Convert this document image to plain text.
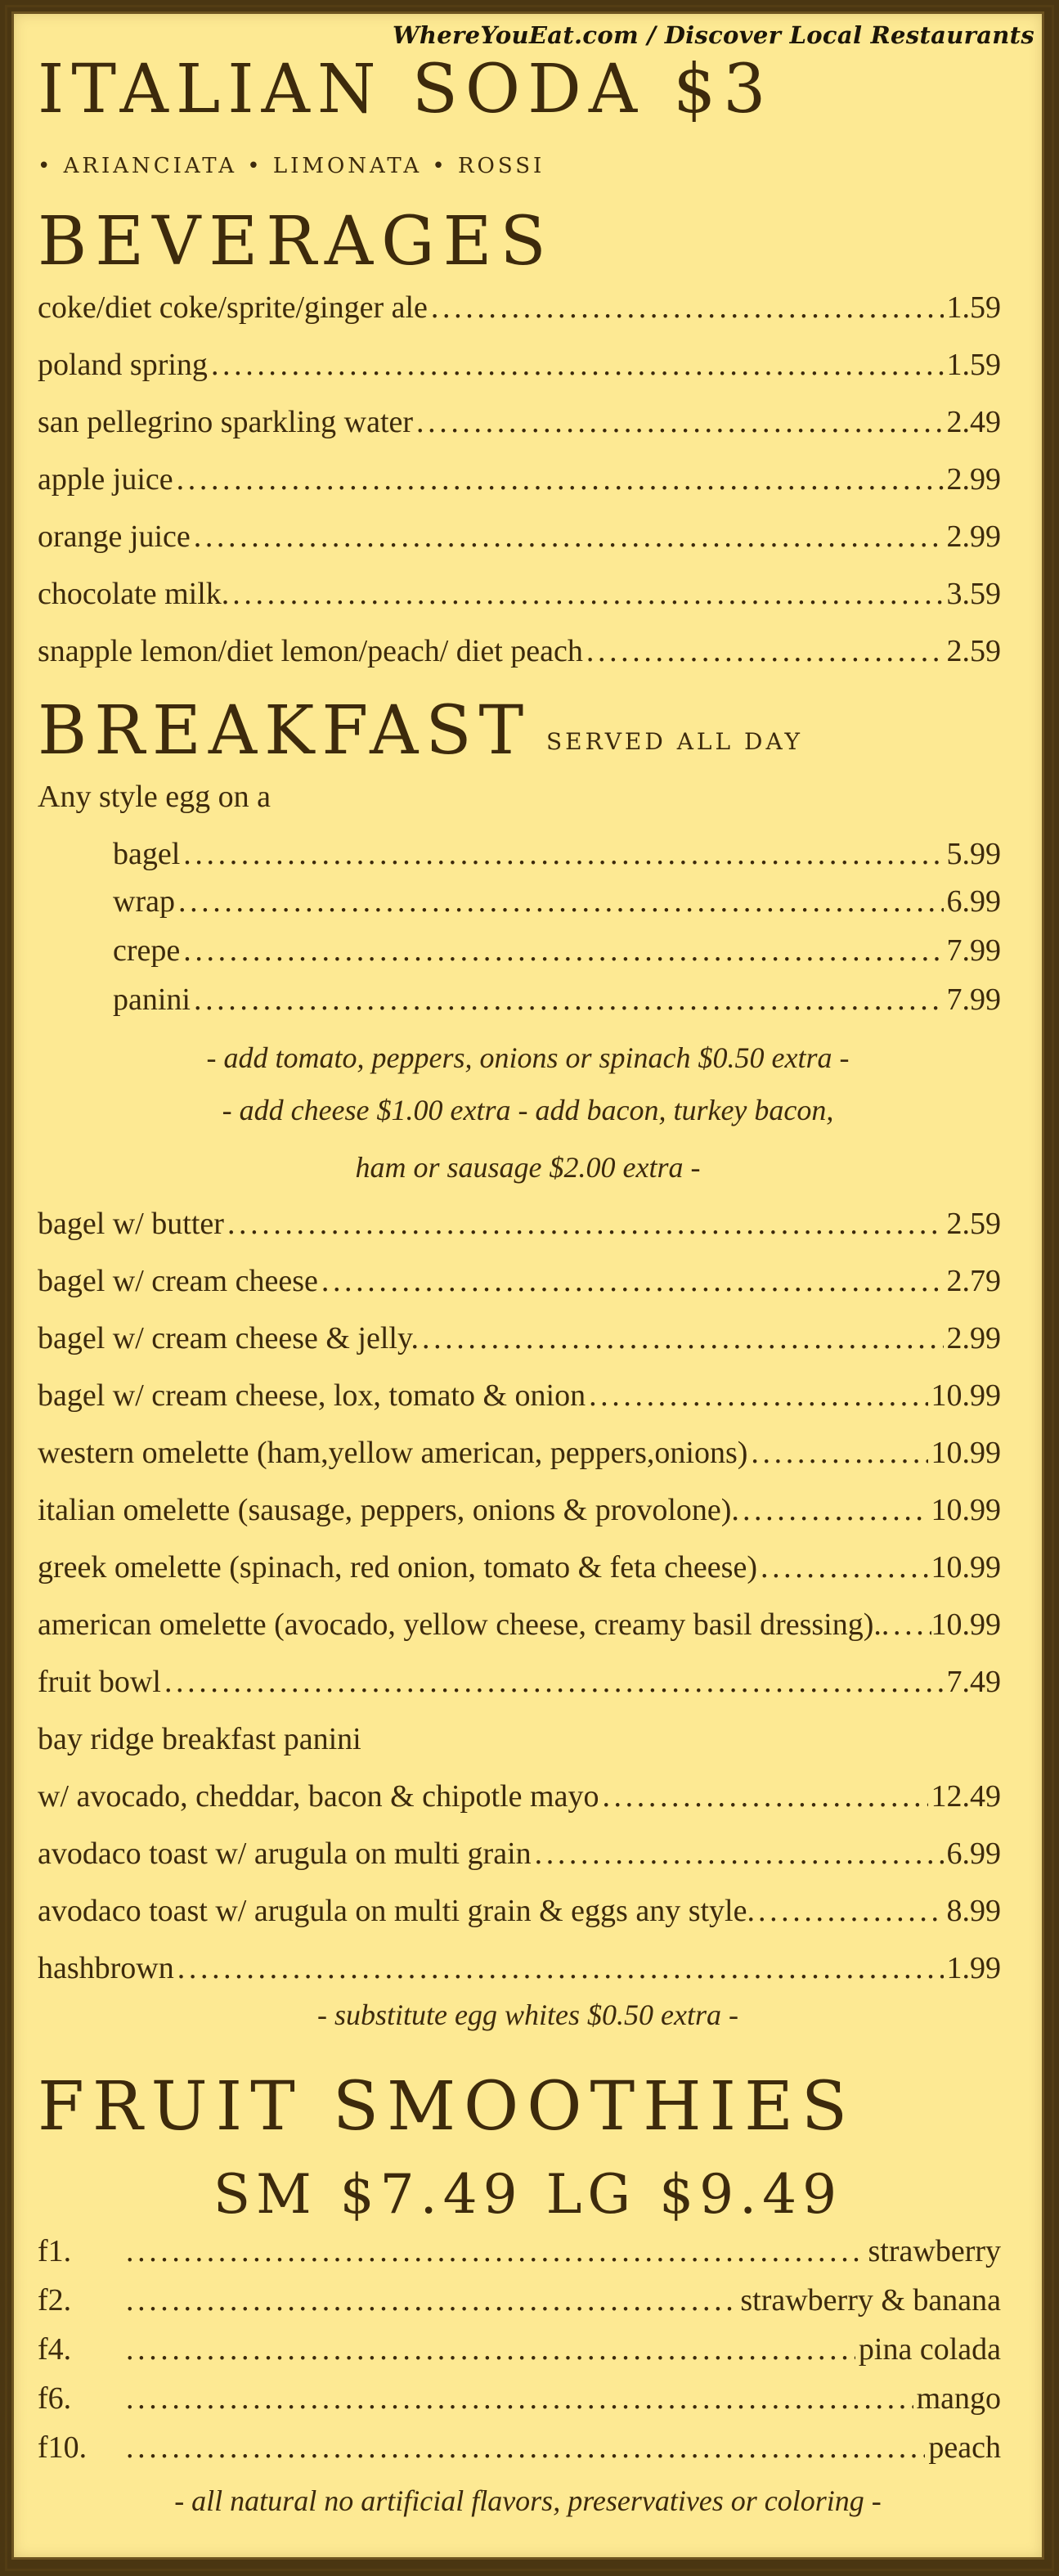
WhereYouEat.com / Discover Local Restaurants
ITALIAN SODA $3
• ARIANCIATA • LIMONATA • ROSSI
BEVERAGES
coke/diet coke/sprite/ginger ale .....	1.59
poland spring .....	1.59
san pellegrino sparkling water .....	2.49
apple juice .....	2.99
orange juice .....	2.99
chocolate milk. .....	3.59
snapple lemon/diet lemon/peach/ diet peach .....	2.59
BREAKFAST SERVED ALL DAY
Any style egg on a
bagel .....	5.99
wrap .....	6.99
crepe .....	7.99
panini .....	7.99
- add tomato, peppers, onions or spinach $0.50 extra -
- add cheese $1.00 extra - add bacon, turkey bacon,
ham or sausage $2.00 extra -
bagel w/ butter .....	2.59
bagel w/ cream cheese .....	2.79
bagel w/ cream cheese & jelly. .....	2.99
bagel w/ cream cheese, lox, tomato & onion .....	10.99
western omelette (ham,yellow american, peppers,onions) .....	10.99
italian omelette (sausage, peppers, onions & provolone). .....	10.99
greek omelette (spinach, red onion, tomato & feta cheese) .....	10.99
american omelette (avocado, yellow cheese, creamy basil dressing). ..... 10.99
fruit bowl .....	7.49
bay ridge breakfast panini
w/ avocado, cheddar, bacon & chipotle mayo .....	12.49
avodaco toast w/ arugula on multi grain .....	6.99
avodaco toast w/ arugula on multi grain & eggs any style. .....	8.99
hashbrown .....	1.99
- substitute egg whites $0.50 extra -
FRUIT SMOOTHIES
SM $7.49 LG $9.49
f1. .....	strawberry
f2. .....	strawberry & banana
f4. .....	pina colada
f6. .....	mango
f10. .....	peach
- all natural no artificial flavors, preservatives or coloring -
